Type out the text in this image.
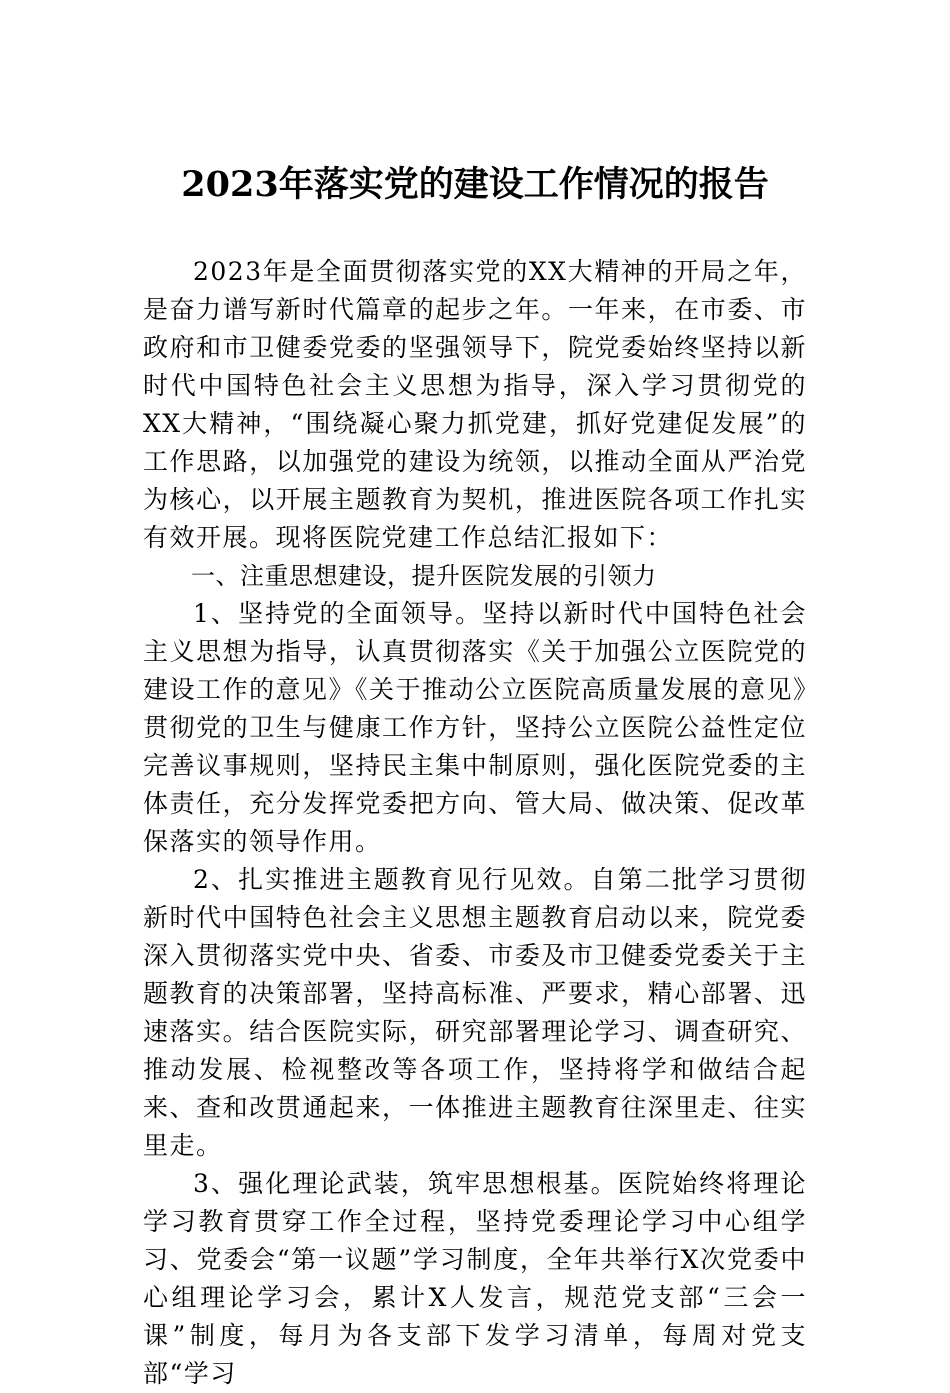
2023年落实党的建设工作情况的报告

2023年是全面贯彻落实党的XX大精神的开局之年，是奋力谱写新时代篇章的起步之年。一年来，在市委、市政府和市卫健委党委的坚强领导下，院党委始终坚持以新时代中国特色社会主义思想为指导，深入学习贯彻党的XX大精神，“围绕凝心聚力抓党建，抓好党建促发展”的工作思路，以加强党的建设为统领，以推动全面从严治党为核心，以开展主题教育为契机，推进医院各项工作扎实有效开展。现将医院党建工作总结汇报如下：

一、注重思想建设，提升医院发展的引领力

1、坚持党的全面领导。坚持以新时代中国特色社会主义思想为指导，认真贯彻落实《关于加强公立医院党的建设工作的意见》《关于推动公立医院高质量发展的意见》贯彻党的卫生与健康工作方针，坚持公立医院公益性定位完善议事规则，坚持民主集中制原则，强化医院党委的主体责任，充分发挥党委把方向、管大局、做决策、促改革保落实的领导作用。

2、扎实推进主题教育见行见效。自第二批学习贯彻新时代中国特色社会主义思想主题教育启动以来，院党委深入贯彻落实党中央、省委、市委及市卫健委党委关于主题教育的决策部署，坚持高标准、严要求，精心部署、迅速落实。结合医院实际，研究部署理论学习、调查研究、推动发展、检视整改等各项工作，坚持将学和做结合起来、查和改贯通起来，一体推进主题教育往深里走、往实里走。

3、强化理论武装，筑牢思想根基。医院始终将理论学习教育贯穿工作全过程，坚持党委理论学习中心组学习、党委会“第一议题”学习制度，全年共举行X次党委中心组理论学习会，累计X人发言，规范党支部“三会一课”制度，每月为各支部下发学习清单，每周对党支部“学习
